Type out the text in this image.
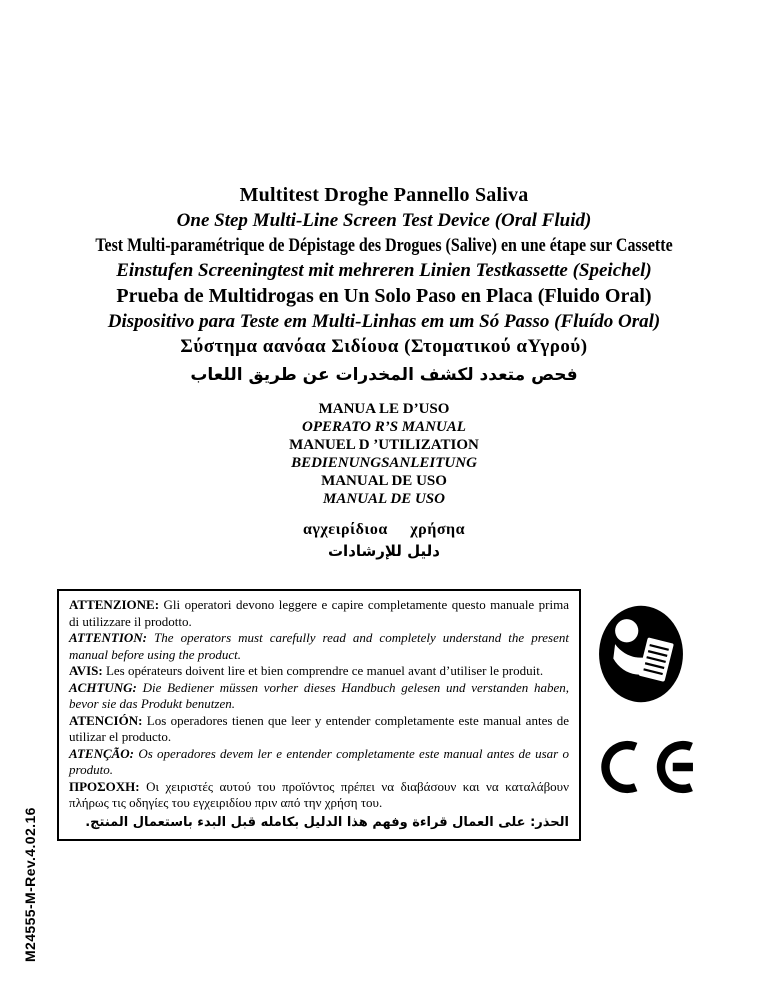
M24555-M-Rev.4.02.16
Multitest Droghe Pannello Saliva
One Step Multi-Line Screen Test Device (Oral Fluid)
Test Multi-paramétrique de Dépistage des Drogues (Salive) en une étape sur Cassette
Einstufen Screeningtest mit mehreren Linien Testkassette (Speichel)
Prueba de Multidrogas en Un Solo Paso en Placa (Fluido Oral)
Dispositivo para Teste em Multi-Linhas em um Só Passo (Fluído Oral)
Σύστημα αανόαα Σιδίουα (Στοματικού αΥγρού)
فحص متعدد لكشف المخدرات عن طريق اللعاب
MANUA LE D’USO
OPERATO R’S MANUAL
MANUEL D ’UTILIZATION
BEDIENUNGSANLEITUNG
MANUAL DE USO
MANUAL DE USO
αγχειρίδιοα     χρήσηα
دليل للإرشادات

ATTENZIONE: Gli operatori devono leggere e capire completamente questo manuale prima di utilizzare il prodotto.

ATTENTION: The operators must carefully read and completely understand the present manual before using the product.

AVIS: Les opérateurs doivent lire et bien comprendre ce manuel avant d’utiliser le produit.

ACHTUNG: Die Bediener müssen vorher dieses Handbuch gelesen und verstanden haben, bevor sie das Produkt benutzen.

ATENCIÓN: Los operadores tienen que leer y entender completamente este manual antes de utilizar el producto.

ATENÇÃO: Os operadores devem ler e entender completamente este manual antes de usar o produto.

ΠΡΟΣΟΧΗ: Οι χειριστές αυτού του προϊόντος πρέπει να διαβάσουν και να καταλάβουν πλήρως τις οδηγίες του εγχειριδίου πριν από την χρήση του.

الحذر: على العمال قراءة وفهم هذا الدليل بكامله قبل البدء باستعمال المنتج.
